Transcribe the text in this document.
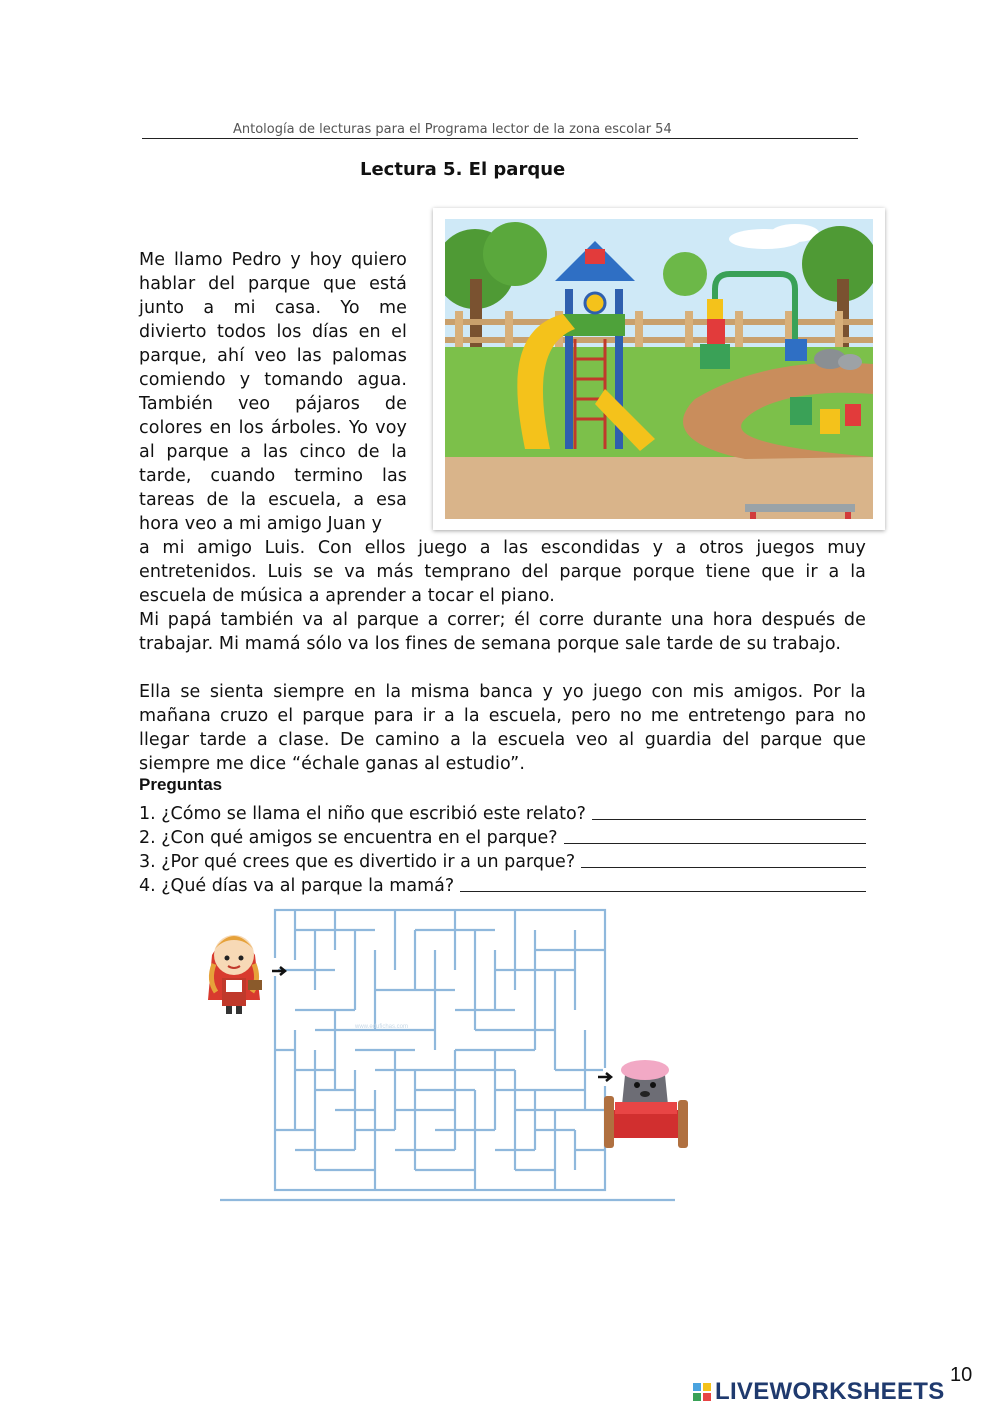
Antología de lecturas para el Programa lector de la zona escolar 54
Lectura 5. El parque
Me llamo Pedro y hoy quiero hablar del parque que está junto a mi casa. Yo me divierto todos los días en el parque, ahí veo las palomas comiendo y tomando agua. También veo pájaros de colores en los árboles. Yo voy al parque a las cinco de la tarde, cuando termino las tareas de la escuela, a esa hora veo a mi amigo Juan y
a mi amigo Luis. Con ellos juego a las escondidas y a otros juegos muy entretenidos. Luis se va más temprano del parque porque tiene que ir a la escuela de música a aprender a tocar el piano.
Mi papá también va al parque a correr; él corre durante una hora después de trabajar. Mi mamá sólo va los fines de semana porque sale tarde de su trabajo.
Ella se sienta siempre en la misma banca y yo juego con mis amigos. Por la mañana cruzo el parque para ir a la escuela, pero no me entretengo para no llegar tarde a clase. De camino a la escuela veo al guardia del parque que siempre me dice “échale ganas al estudio”.
Preguntas
1. ¿Cómo se llama el niño que escribió este relato?
2. ¿Con qué amigos se encuentra en el parque?
3. ¿Por qué crees que es divertido ir a un parque?
4. ¿Qué días va al parque la mamá?
www.edufichas.com
10
LIVEWORKSHEETS
